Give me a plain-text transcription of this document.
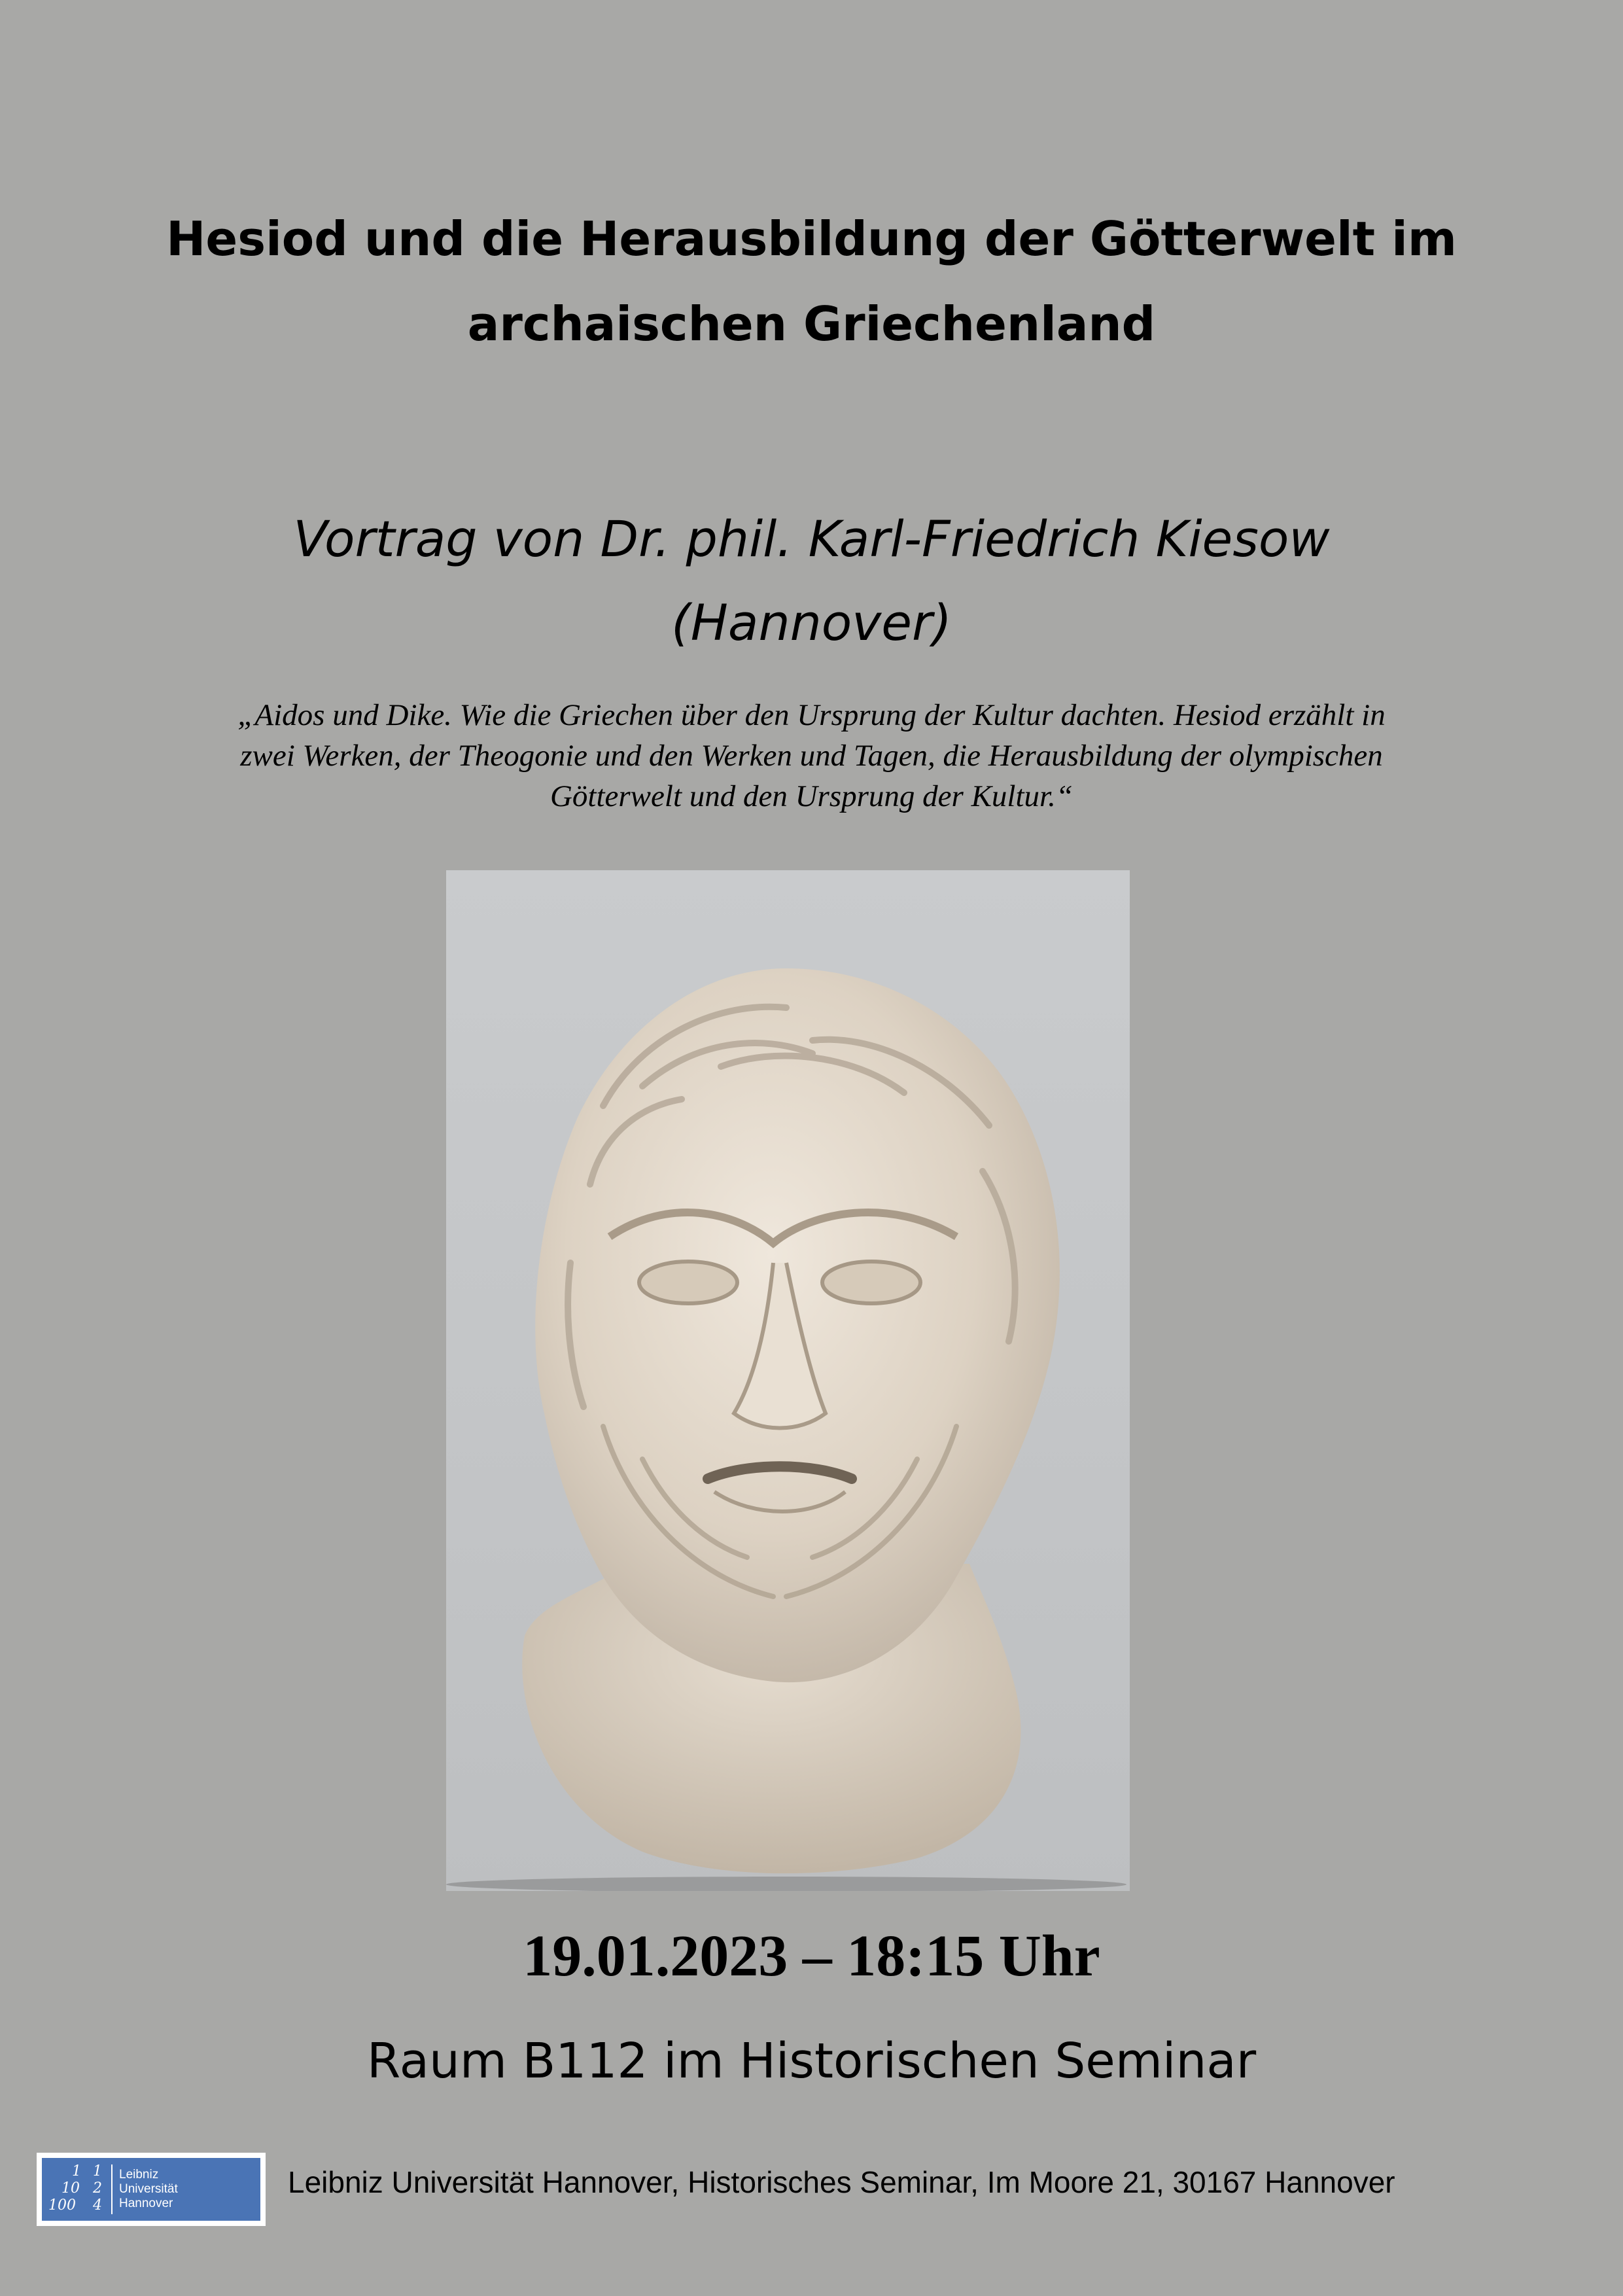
Hesiod und die Herausbildung der Götterwelt im
archaischen Griechenland
Vortrag von Dr. phil. Karl-Friedrich Kiesow
(Hannover)
„Aidos und Dike. Wie die Griechen über den Ursprung der Kultur dachten. Hesiod erzählt in
zwei Werken, der Theogonie und den Werken und Tagen, die Herausbildung der olympischen
Götterwelt und den Ursprung der Kultur.“
19.01.2023 – 18:15 Uhr
Raum B112 im Historischen Seminar
1 1
10 2
100 4
Leibniz
Universität
Hannover
Leibniz Universität Hannover, Historisches Seminar, Im Moore 21, 30167 Hannover
